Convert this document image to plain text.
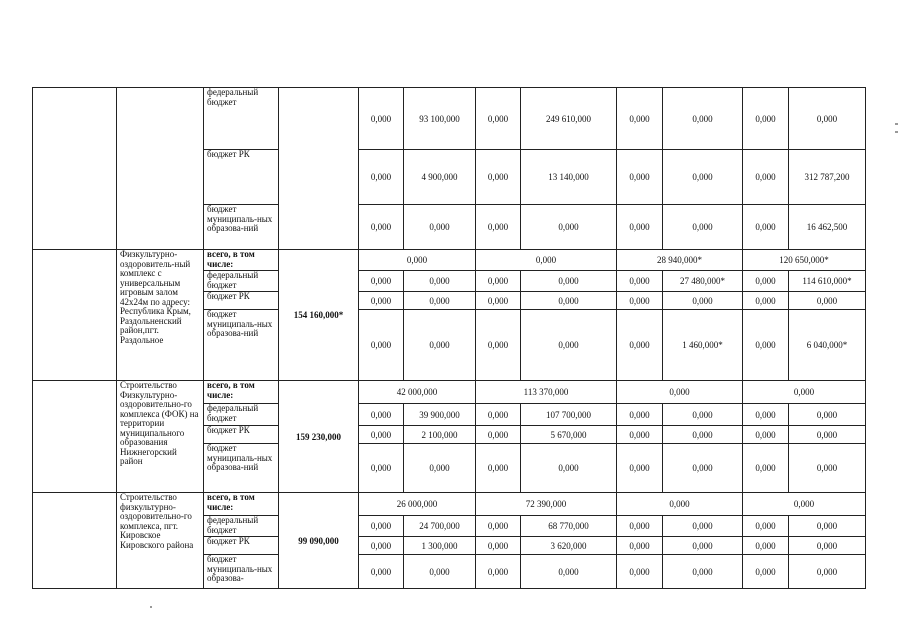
		федеральный бюджет		0,000	93 100,000	0,000	249 610,000	0,000	0,000	0,000	0,000
		бюджет РК		0,000	4 900,000	0,000	13 140,000	0,000	0,000	0,000	312 787,200
		бюджет муниципаль-ных образова-ний		0,000	0,000	0,000	0,000	0,000	0,000	0,000	16 462,500
	Физкультурно-оздоровитель-ный комплекс с универсальным игровым залом 42х24м по адресу: Республика Крым, Раздольненский район,пгт. Раздольное	всего, в том числе:	154 160,000*	0,000		0,000		28 940,000*		120 650,000*	
		федеральный бюджет		0,000	0,000	0,000	0,000	0,000	27 480,000*	0,000	114 610,000*
		бюджет РК		0,000	0,000	0,000	0,000	0,000	0,000	0,000	0,000
		бюджет муниципаль-ных образова-ний		0,000	0,000	0,000	0,000	0,000	1 460,000*	0,000	6 040,000*
	Строительство Физкультурно-оздоровительно-го комплекса (ФОК) на территории муниципального образования Нижнегорский район	всего, в том числе:	159 230,000	42 000,000		113 370,000		0,000		0,000	
		федеральный бюджет		0,000	39 900,000	0,000	107 700,000	0,000	0,000	0,000	0,000
		бюджет РК		0,000	2 100,000	0,000	5 670,000	0,000	0,000	0,000	0,000
		бюджет муниципаль-ных образова-ний		0,000	0,000	0,000	0,000	0,000	0,000	0,000	0,000
	Строительство физкультурно-оздоровительно-го комплекса, пгт. Кировское Кировского района	всего, в том числе:	99 090,000	26 000,000		72 390,000		0,000		0,000	
		федеральный бюджет		0,000	24 700,000	0,000	68 770,000	0,000	0,000	0,000	0,000
		бюджет РК		0,000	1 300,000	0,000	3 620,000	0,000	0,000	0,000	0,000
		бюджет муниципаль-ных образова-		0,000	0,000	0,000	0,000	0,000	0,000	0,000	0,000
